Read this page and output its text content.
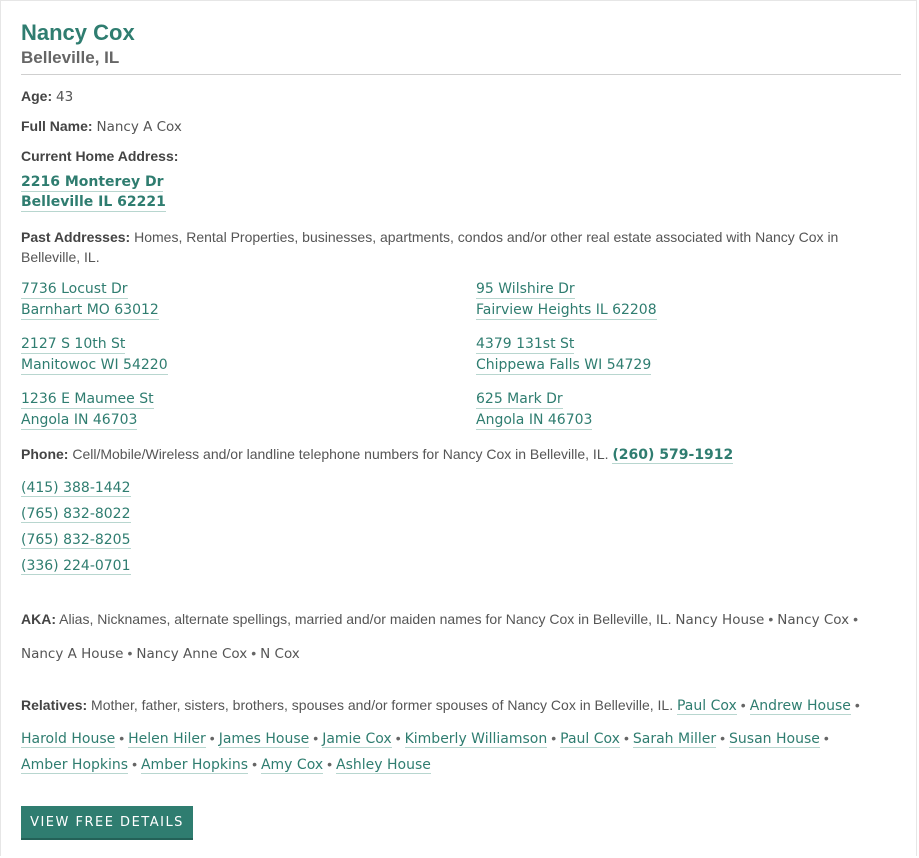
Nancy Cox
Belleville, IL
Age: 43
Full Name: Nancy A Cox
Current Home Address:
2216 Monterey Dr
Belleville IL 62221
Past Addresses: Homes, Rental Properties, businesses, apartments, condos and/or other real estate associated with Nancy Cox in Belleville, IL.
7736 Locust Dr
Barnhart MO 63012
95 Wilshire Dr
Fairview Heights IL 62208
2127 S 10th St
Manitowoc WI 54220
4379 131st St
Chippewa Falls WI 54729
1236 E Maumee St
Angola IN 46703
625 Mark Dr
Angola IN 46703
Phone: Cell/Mobile/Wireless and/or landline telephone numbers for Nancy Cox in Belleville, IL. (260) 579-1912
(415) 388-1442
(765) 832-8022
(765) 832-8205
(336) 224-0701
AKA: Alias, Nicknames, alternate spellings, married and/or maiden names for Nancy Cox in Belleville, IL. Nancy House • Nancy Cox •
Nancy A House • Nancy Anne Cox • N Cox
Relatives: Mother, father, sisters, brothers, spouses and/or former spouses of Nancy Cox in Belleville, IL. Paul Cox • Andrew House •
Harold House • Helen Hiler • James House • Jamie Cox • Kimberly Williamson • Paul Cox • Sarah Miller • Susan House •
Amber Hopkins • Amber Hopkins • Amy Cox • Ashley House
VIEW FREE DETAILS
